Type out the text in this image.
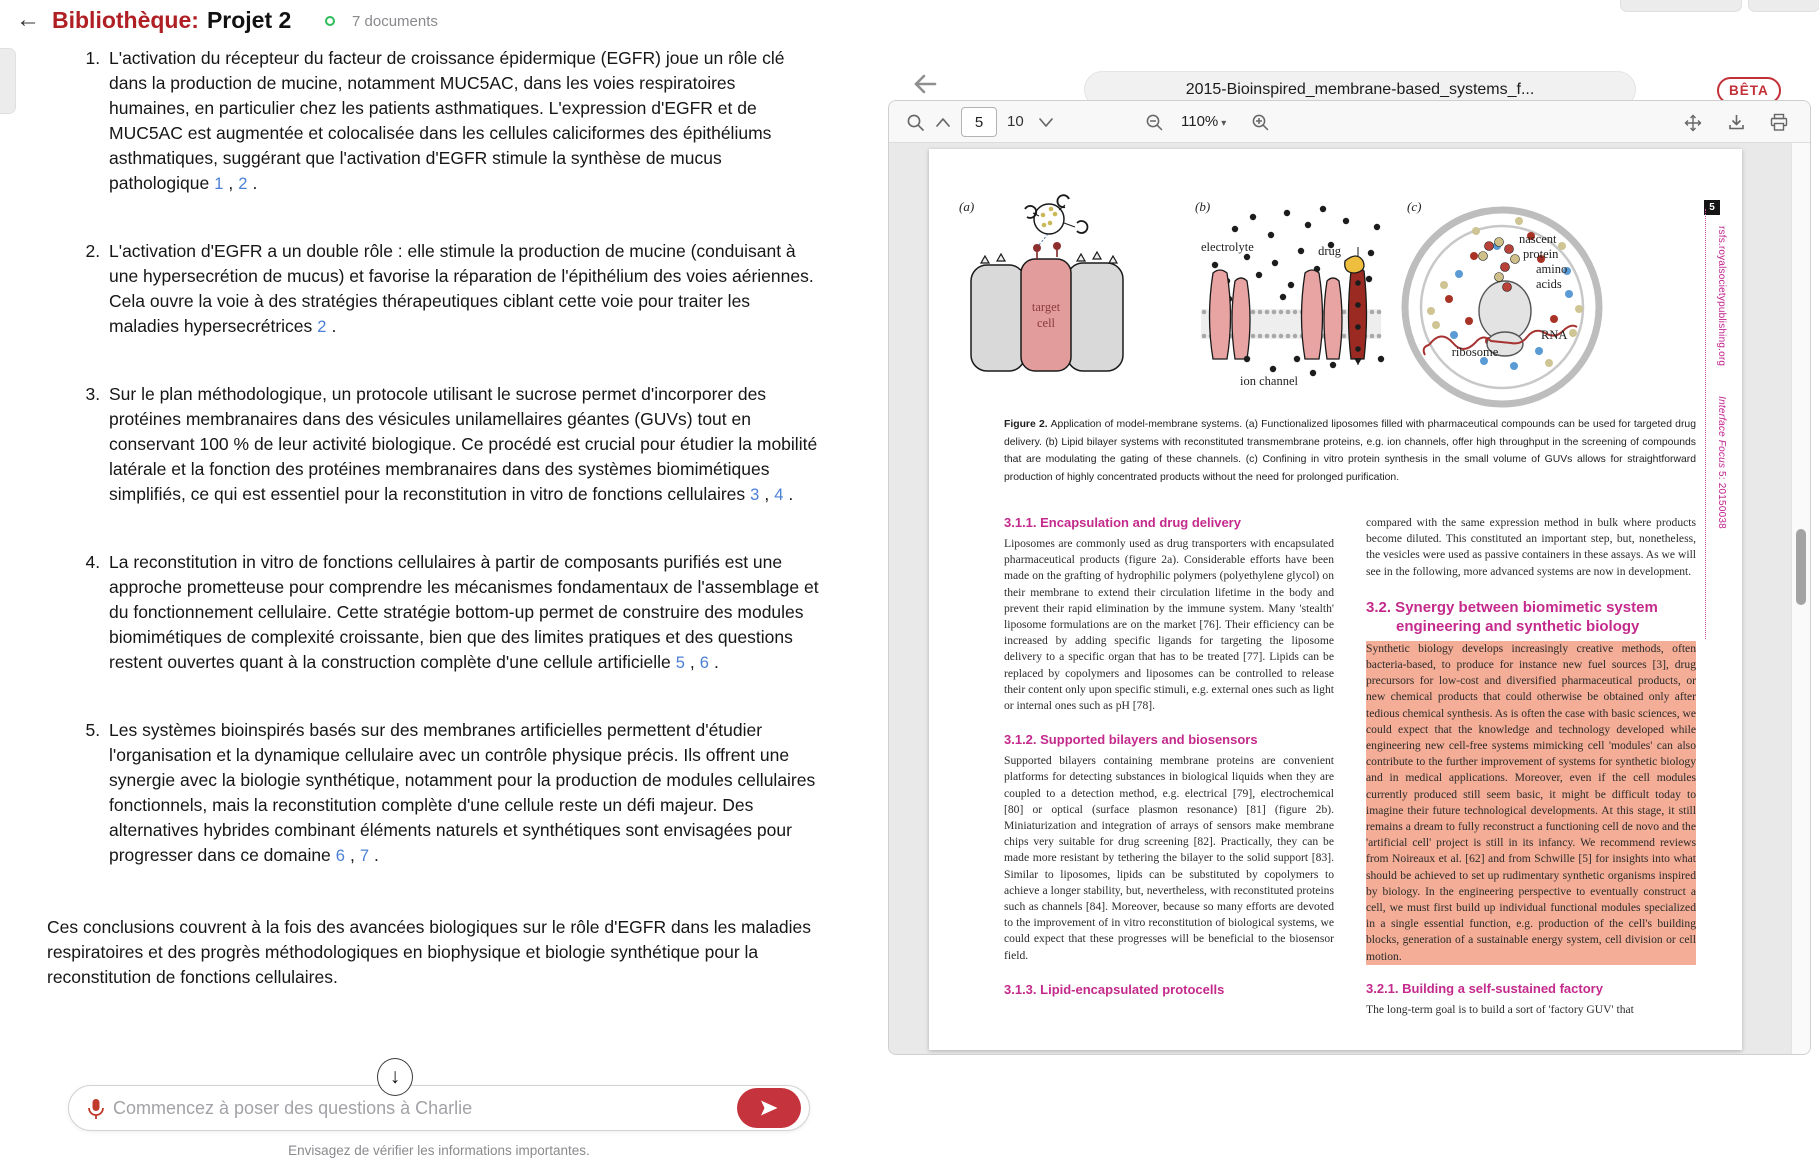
← Bibliothèque: Projet 2	7 documents
1. L'activation du récepteur du facteur de croissance épidermique (EGFR) joue un rôle clé dans la production de mucine, notamment MUC5AC, dans les voies respiratoires humaines, en particulier chez les patients asthmatiques. L'expression d'EGFR et de MUC5AC est augmentée et colocalisée dans les cellules caliciformes des épithéliums asthmatiques, suggérant que l'activation d'EGFR stimule la synthèse de mucus pathologique 1 , 2 .
2. L'activation d'EGFR a un double rôle : elle stimule la production de mucine (conduisant à une hypersecrétion de mucus) et favorise la réparation de l'épithélium des voies aériennes. Cela ouvre la voie à des stratégies thérapeutiques ciblant cette voie pour traiter les maladies hypersecrétrices 2 .
3. Sur le plan méthodologique, un protocole utilisant le sucrose permet d'incorporer des protéines membranaires dans des vésicules unilamellaires géantes (GUVs) tout en conservant 100 % de leur activité biologique. Ce procédé est crucial pour étudier la mobilité latérale et la fonction des protéines membranaires dans des systèmes biomimétiques simplifiés, ce qui est essentiel pour la reconstitution in vitro de fonctions cellulaires 3 , 4 .
4. La reconstitution in vitro de fonctions cellulaires à partir de composants purifiés est une approche prometteuse pour comprendre les mécanismes fondamentaux de l'assemblage et du fonctionnement cellulaire. Cette stratégie bottom-up permet de construire des modules biomimétiques de complexité croissante, bien que des limites pratiques et des questions restent ouvertes quant à la construction complète d'une cellule artificielle 5 , 6 .
5. Les systèmes bioinspirés basés sur des membranes artificielles permettent d'étudier l'organisation et la dynamique cellulaire avec un contrôle physique précis. Ils offrent une synergie avec la biologie synthétique, notamment pour la production de modules cellulaires fonctionnels, mais la reconstitution complète d'une cellule reste un défi majeur. Des alternatives hybrides combinant éléments naturels et synthétiques sont envisagées pour progresser dans ce domaine 6 , 7 .

Ces conclusions couvrent à la fois des avancées biologiques sur le rôle d'EGFR dans les maladies respiratoires et des progrès méthodologiques en biophysique et biologie synthétique pour la reconstitution de fonctions cellulaires.

↓
Commencez à poser des questions à Charlie
Envisagez de vérifier les informations importantes.
2015-Bioinspired_membrane-based_systems_f...	BÊTA
5
10	110% ▾
(a)
target
cell
(b)
electrolyte	drug
ion channel
(c)
nascent
protein
amino
acids
RNA
ribosome
5
rsfs.royalsocietypublishing.orgInterface Focus 5: 20150038
Figure 2. Application of model-membrane systems. (a) Functionalized liposomes filled with pharmaceutical compounds can be used for targeted drug delivery. (b) Lipid bilayer systems with reconstituted transmembrane proteins, e.g. ion channels, offer high throughput in the screening of compounds that are modulating the gating of these channels. (c) Confining in vitro protein synthesis in the small volume of GUVs allows for straightforward production of highly concentrated products without the need for prolonged purification.
3.1.1. Encapsulation and drug delivery

Liposomes are commonly used as drug transporters with encapsulated pharmaceutical products (figure 2a). Considerable efforts have been made on the grafting of hydrophilic polymers (polyethylene glycol) on their membrane to extend their circulation lifetime in the body and prevent their rapid elimination by the immune system. Many 'stealth' liposome formulations are on the market [76]. Their efficiency can be increased by adding specific ligands for targeting the liposome delivery to a specific organ that has to be treated [77]. Lipids can be replaced by copolymers and liposomes can be controlled to release their content only upon specific stimuli, e.g. external ones such as light or internal ones such as pH [78].

3.1.2. Supported bilayers and biosensors

Supported bilayers containing membrane proteins are convenient platforms for detecting substances in biological liquids when they are coupled to a detection method, e.g. electrical [79], electrochemical [80] or optical (surface plasmon resonance) [81] (figure 2b). Miniaturization and integration of arrays of sensors make membrane chips very suitable for drug screening [82]. Practically, they can be made more resistant by tethering the bilayer to the solid support [83]. Similar to liposomes, lipids can be substituted by copolymers to achieve a longer stability, but, nevertheless, with reconstituted proteins such as channels [84]. Moreover, because so many efforts are devoted to the improvement of in vitro reconstitution of biological systems, we could expect that these progresses will be beneficial to the biosensor field.

3.1.3. Lipid-encapsulated protocells

compared with the same expression method in bulk where products become diluted. This constituted an important step, but, nonetheless, the vesicles were used as passive containers in these assays. As we will see in the following, more advanced systems are now in development.

3.2. Synergy between biomimetic system engineering and synthetic biology

Synthetic biology develops increasingly creative methods, often bacteria-based, to produce for instance new fuel sources [3], drug precursors for low-cost and diversified pharmaceutical products, or new chemical products that could otherwise be obtained only after tedious chemical synthesis. As is often the case with basic sciences, we could expect that the knowledge and technology developed while engineering new cell-free systems mimicking cell 'modules' can also contribute to the further improvement of systems for synthetic biology and in medical applications. Moreover, even if the cell modules currently produced still seem basic, it might be difficult today to imagine their future technological developments. At this stage, it still remains a dream to fully reconstruct a functioning cell de novo and the 'artificial cell' project is still in its infancy. We recommend reviews from Noireaux et al. [62] and from Schwille [5] for insights into what should be achieved to set up rudimentary synthetic organisms inspired by biology. In the engineering perspective to eventually construct a cell, we must first build up individual functional modules specialized in a single essential function, e.g. production of the cell's building blocks, generation of a sustainable energy system, cell division or cell motion.

3.2.1. Building a self-sustained factory

The long-term goal is to build a sort of 'factory GUV' that
